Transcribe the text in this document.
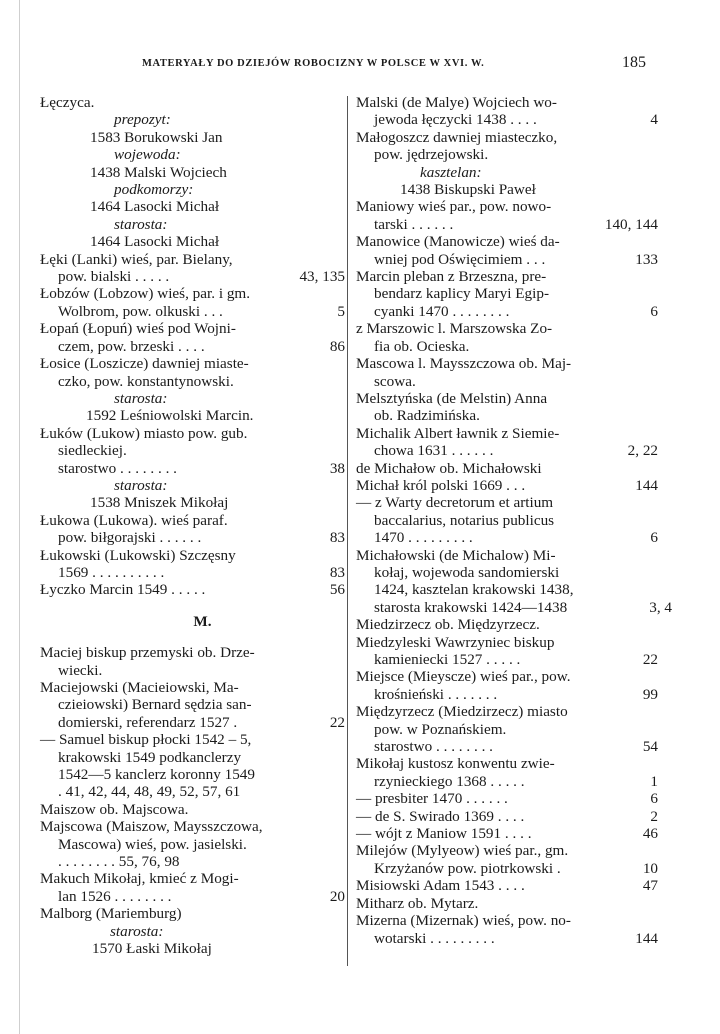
MATERYAŁY DO DZIEJÓW ROBOCIZNY W POLSCE W XVI. W.	185

Łęczyca.

prepozyt:

1583 Borukowski Jan

wojewoda:

1438 Malski Wojciech

podkomorzy:

1464 Lasocki Michał

starosta:

1464 Lasocki Michał

Łęki (Lanki) wieś, par. Bielany,
pow. bialski . . . . .	43, 135

Łobzów (Lobzow) wieś, par. i gm.
Wolbrom, pow. olkuski . . .	5

Łopań (Łopuń) wieś pod Wojni-
czem, pow. brzeski . . . .	86

Łosice (Loszicze) dawniej miaste-
czko, pow. konstantynowski.

starosta:

1592 Leśniowolski Marcin.

Łuków (Lukow) miasto pow. gub.
siedleckiej.
starostwo . . . . . . . .	38

starosta:

1538 Mniszek Mikołaj

Łukowa (Lukowa). wieś paraf.
pow. biłgorajski . . . . . .	83

Łukowski (Lukowski) Szczęsny
1569 . . . . . . . . . .	83

Łyczko Marcin 1549 . . . . .	56

M.

Maciej biskup przemyski ob. Drze-
wiecki.

Maciejowski (Macieiowski, Ma-
czieiowski) Bernard sędzia san-
domierski, referendarz 1527 .	22

— Samuel biskup płocki 1542 – 5,
krakowski 1549 podkanclerzy
1542—5 kanclerz koronny 1549
. 41, 42, 44, 48, 49, 52, 57, 61

Maiszow ob. Majscowa.

Majscowa (Maiszow, Maysszczowa,
Mascowa) wieś, pow. jasielski.
. . . . . . . . 55, 76, 98

Makuch Mikołaj, kmieć z Mogi-
lan 1526 . . . . . . . .	20

Malborg (Mariemburg)

starosta:

1570 Łaski Mikołaj

Malski (de Malye) Wojciech wo-
jewoda łęczycki 1438 . . . .	4

Małogoszcz dawniej miasteczko,
pow. jędrzejowski.

kasztelan:

1438 Biskupski Paweł

Maniowy wieś par., pow. nowo-
tarski . . . . . .	140, 144

Manowice (Manowicze) wieś da-
wniej pod Oświęcimiem . . .	133

Marcin pleban z Brzeszna, pre-
bendarz kaplicy Maryi Egip-
cyanki 1470 . . . . . . . .	6

z Marszowic l. Marszowska Zo-
fia ob. Ocieska.

Mascowa l. Maysszczowa ob. Maj-
scowa.

Melsztyńska (de Melstin) Anna
ob. Radzimińska.

Michalik Albert ławnik z Siemie-
chowa 1631 . . . . . .	2, 22

de Michałow ob. Michałowski

Michał król polski 1669 . . .	144

— z Warty decretorum et artium
baccalarius, notarius publicus
1470 . . . . . . . . .	6

Michałowski (de Michalow) Mi-
kołaj, wojewoda sandomierski
1424, kasztelan krakowski 1438,
starosta krakowski 1424—1438	3, 4

Miedzirzecz ob. Międzyrzecz.

Miedzyleski Wawrzyniec biskup
kamieniecki 1527 . . . . .	22

Miejsce (Mieyscze) wieś par., pow.
krośnieński . . . . . . .	99

Międzyrzecz (Miedzirzecz) miasto
pow. w Poznańskiem.
starostwo . . . . . . . .	54

Mikołaj kustosz konwentu zwie-
rzynieckiego 1368 . . . . .	1

— presbiter 1470 . . . . . .	6

— de S. Swirado 1369 . . . .	2

— wójt z Maniow 1591 . . . .	46

Milejów (Mylyeow) wieś par., gm.
Krzyżanów pow. piotrkowski .	10

Misiowski Adam 1543 . . . .	47

Mitharz ob. Mytarz.

Mizerna (Mizernak) wieś, pow. no-
wotarski . . . . . . . . .	144
